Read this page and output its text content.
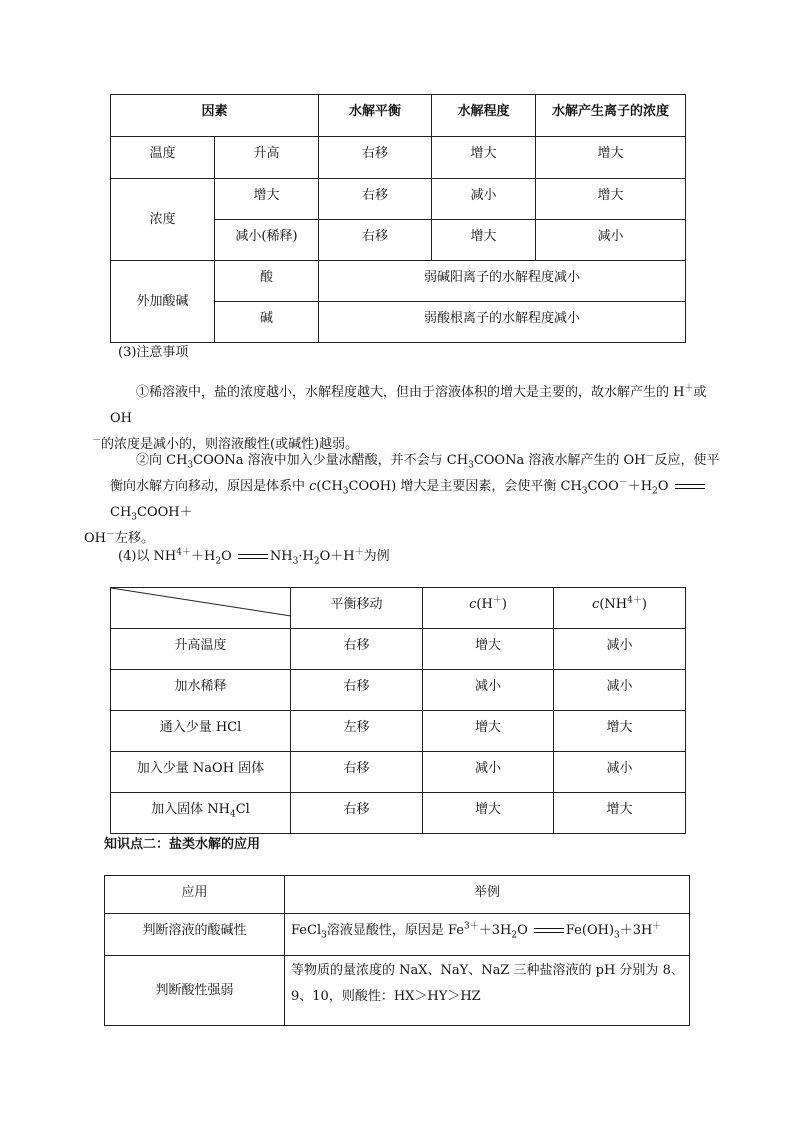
因素		水解平衡	水解程度	水解产生离子的浓度
温度	升高	右移	增大	增大
浓度	增大	右移	减小	增大
	减小(稀释)	右移	增大	减小
外加酸碱	酸	弱碱阳离子的水解程度减小		
	碱	弱酸根离子的水解程度减小		

(3)注意事项

①稀溶液中，盐的浓度越小，水解程度越大，但由于溶液体积的增大是主要的，故水解产生的 H＋或 OH
－的浓度是减小的，则溶液酸性(或碱性)越弱。

②向 $CH_3COONa$ 溶液中加入少量冰醋酸，并不会与 $CH_3COONa$ 溶液水解产生的 OH－反应，使平衡向水解方向移动，原因是体系中 $c(CH_3COOH)$ 增大是主要因素，会使平衡 $CH_3COO^-+H_2O$ $CH_3COOH+$
OH－左移。

(4)以 $NH^{4+}+H_2O$	$NH_3\cdot H_2O+H^+$为例

	平衡移动	c(H＋)	$c(NH^{4+})$
升高温度	右移	增大	减小
加水稀释	右移	减小	减小
通入少量 HCl	左移	增大	增大
加入少量 NaOH 固体	右移	减小	减小
加入固体 $NH_4Cl$	右移	增大	增大

知识点二：盐类水解的应用

应用	举例
判断溶液的酸碱性	FeCl$_3$溶液显酸性，原因是 $Fe^{3+}+3H_2O$ $Fe(OH)_3+3H^+$
判断酸性强弱	等物质的量浓度的 NaX、NaY、NaZ 三种盐溶液的 pH 分别为 8、
9、10，则酸性：HX＞HY＞HZ
